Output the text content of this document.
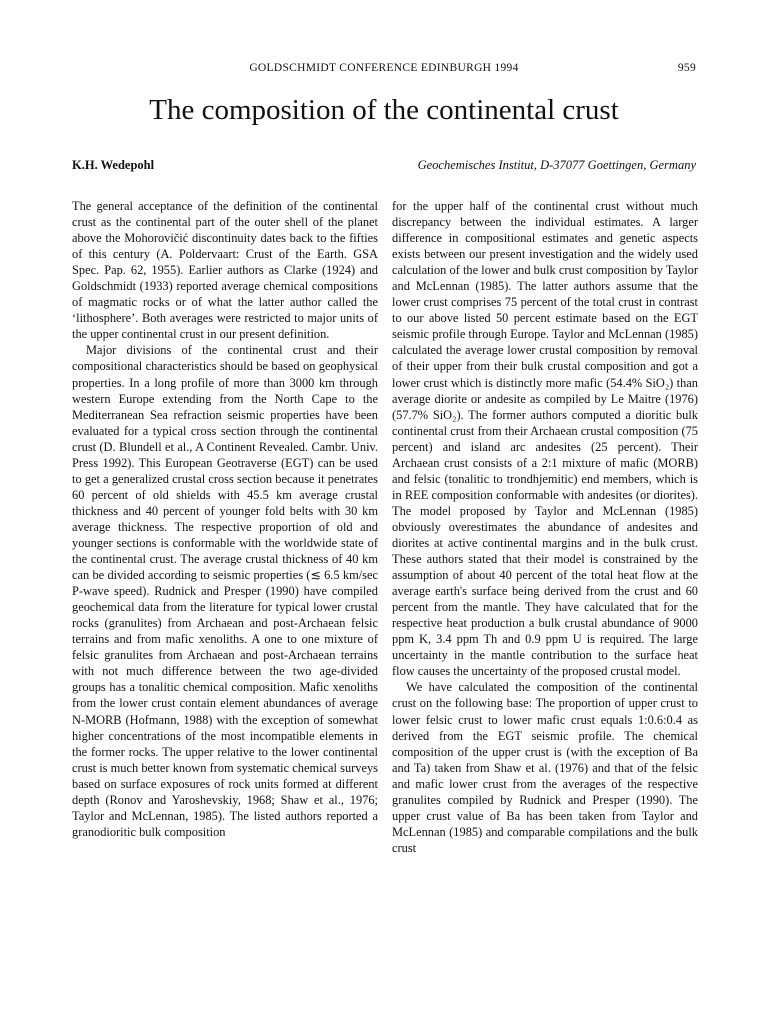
GOLDSCHMIDT CONFERENCE EDINBURGH 1994	959
The composition of the continental crust
K.H. Wedepohl	Geochemisches Institut, D-37077 Goettingen, Germany

The general acceptance of the definition of the continental crust as the continental part of the outer shell of the planet above the Mohorovičić discontinuity dates back to the fifties of this century (A. Poldervaart: Crust of the Earth. GSA Spec. Pap. 62, 1955). Earlier authors as Clarke (1924) and Goldschmidt (1933) reported average chemical compositions of magmatic rocks or of what the latter author called the ‘lithosphere’. Both averages were restricted to major units of the upper continental crust in our present definition.

Major divisions of the continental crust and their compositional characteristics should be based on geophysical properties. In a long profile of more than 3000 km through western Europe extending from the North Cape to the Mediterranean Sea refraction seismic properties have been evaluated for a typical cross section through the continental crust (D. Blundell et al., A Continent Revealed. Cambr. Univ. Press 1992). This European Geotraverse (EGT) can be used to get a generalized crustal cross section because it penetrates 60 percent of old shields with 45.5 km average crustal thickness and 40 percent of younger fold belts with 30 km average thickness. The respective proportion of old and younger sections is conformable with the worldwide state of the continental crust. The average crustal thickness of 40 km can be divided according to seismic properties (≲ 6.5 km/sec P-wave speed). Rudnick and Presper (1990) have compiled geochemical data from the literature for typical lower crustal rocks (granulites) from Archaean and post-Archaean felsic terrains and from mafic xenoliths. A one to one mixture of felsic granulites from Archaean and post-Archaean terrains with not much difference between the two age-divided groups has a tonalitic chemical composition. Mafic xenoliths from the lower crust contain element abundances of average N-MORB (Hofmann, 1988) with the exception of somewhat higher concentrations of the most incompatible elements in the former rocks. The upper relative to the lower continental crust is much better known from systematic chemical surveys based on surface exposures of rock units formed at different depth (Ronov and Yaroshevskiy, 1968; Shaw et al., 1976; Taylor and McLennan, 1985). The listed authors reported a granodioritic bulk composition

for the upper half of the continental crust without much discrepancy between the individual estimates. A larger difference in compositional estimates and genetic aspects exists between our present investigation and the widely used calculation of the lower and bulk crust composition by Taylor and McLennan (1985). The latter authors assume that the lower crust comprises 75 percent of the total crust in contrast to our above listed 50 percent estimate based on the EGT seismic profile through Europe. Taylor and McLennan (1985) calculated the average lower crustal composition by removal of their upper from their bulk crustal composition and got a lower crust which is distinctly more mafic (54.4% SiO₂) than average diorite or andesite as compiled by Le Maitre (1976) (57.7% SiO₂). The former authors computed a dioritic bulk continental crust from their Archaean crustal composition (75 percent) and island arc andesites (25 percent). Their Archaean crust consists of a 2:1 mixture of mafic (MORB) and felsic (tonalitic to trondhjemitic) end members, which is in REE composition conformable with andesites (or diorites). The model proposed by Taylor and McLennan (1985) obviously overestimates the abundance of andesites and diorites at active continental margins and in the bulk crust. These authors stated that their model is constrained by the assumption of about 40 percent of the total heat flow at the average earth's surface being derived from the crust and 60 percent from the mantle. They have calculated that for the respective heat production a bulk crustal abundance of 9000 ppm K, 3.4 ppm Th and 0.9 ppm U is required. The large uncertainty in the mantle contribution to the surface heat flow causes the uncertainty of the proposed crustal model.

We have calculated the composition of the continental crust on the following base: The proportion of upper crust to lower felsic crust to lower mafic crust equals 1:0.6:0.4 as derived from the EGT seismic profile. The chemical composition of the upper crust is (with the exception of Ba and Ta) taken from Shaw et al. (1976) and that of the felsic and mafic lower crust from the averages of the respective granulites compiled by Rudnick and Presper (1990). The upper crust value of Ba has been taken from Taylor and McLennan (1985) and comparable compilations and the bulk crust
